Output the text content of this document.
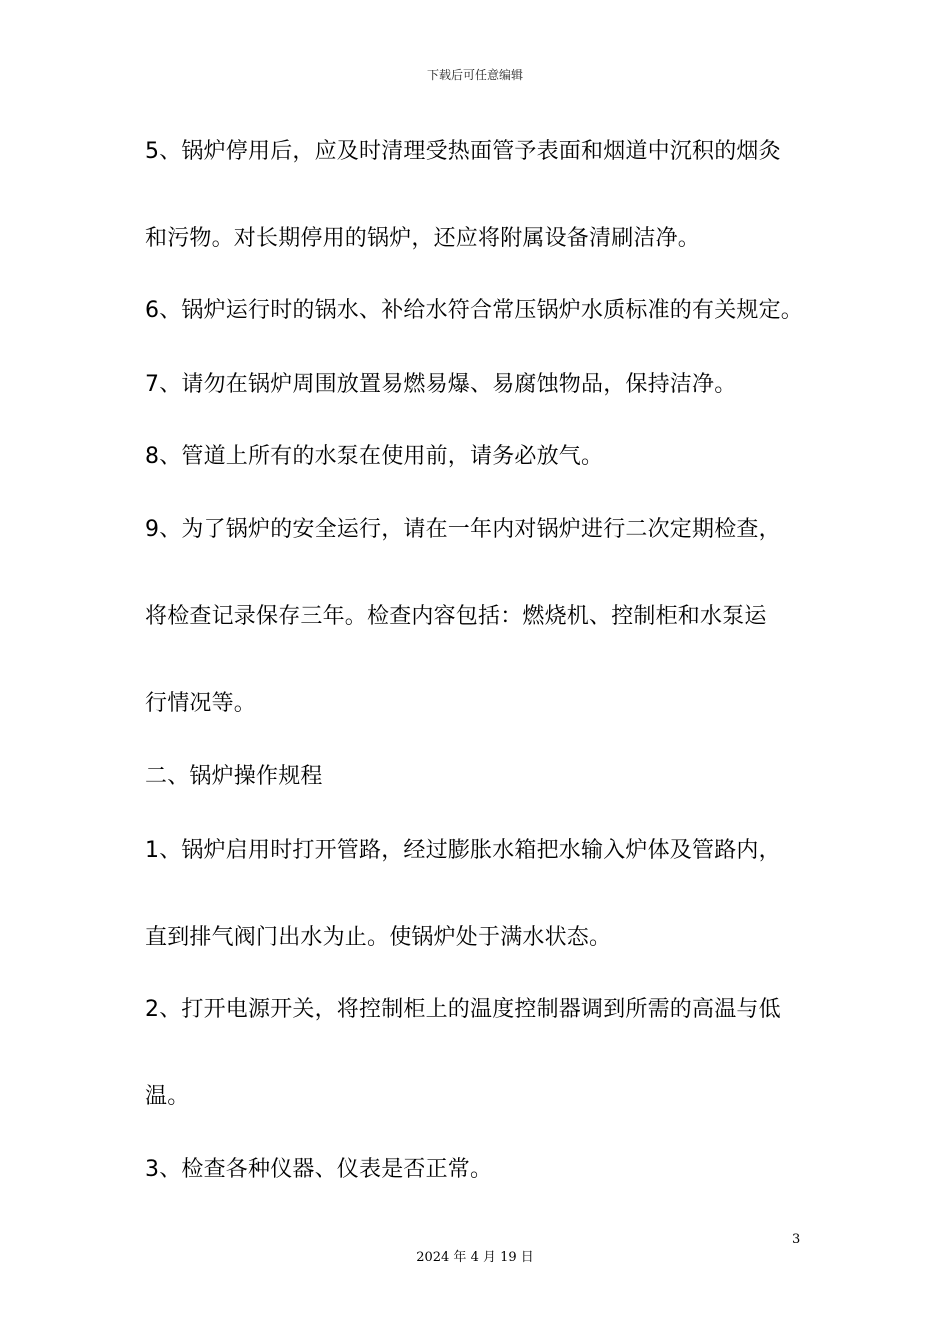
下载后可任意编辑
5、锅炉停用后，应及时清理受热面管予表面和烟道中沉积的烟灸
和污物。对长期停用的锅炉，还应将附属设备清刷洁净。
6、锅炉运行时的锅水、补给水符合常压锅炉水质标准的有关规定。
7、请勿在锅炉周围放置易燃易爆、易腐蚀物品，保持洁净。
8、管道上所有的水泵在使用前，请务必放气。
9、为了锅炉的安全运行，请在一年内对锅炉进行二次定期检查，
将检查记录保存三年。检查内容包括：燃烧机、控制柜和水泵运
行情况等。
二、锅炉操作规程
1、锅炉启用时打开管路，经过膨胀水箱把水输入炉体及管路内，
直到排气阀门出水为止。使锅炉处于满水状态。
2、打开电源开关，将控制柜上的温度控制器调到所需的高温与低
温。
3、检查各种仪器、仪表是否正常。
3
2024 年 4 月 19 日
